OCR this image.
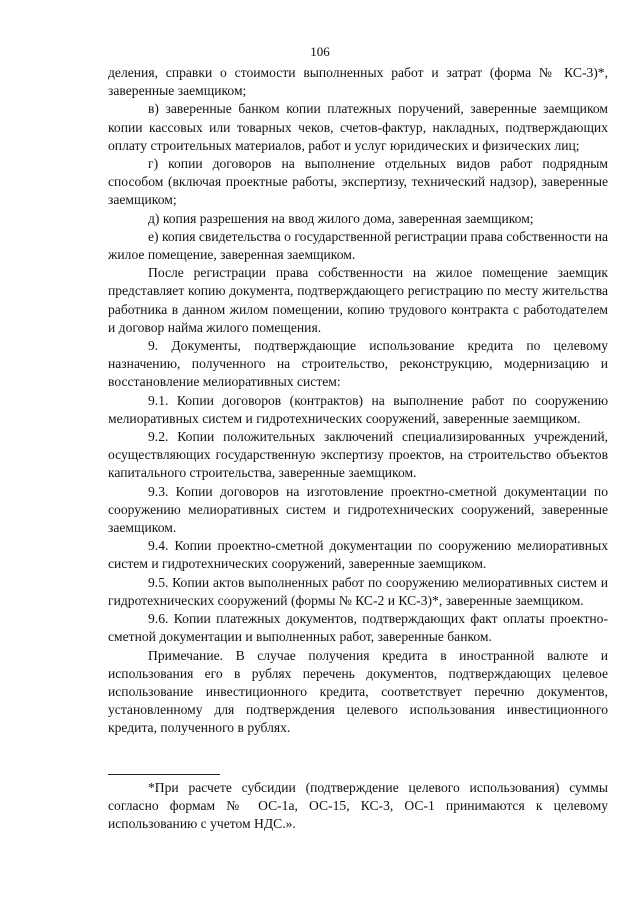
106

деления, справки о стоимости выполненных работ и затрат (форма № КС-3)*, заверенные заемщиком;

в) заверенные банком копии платежных поручений, заверенные заемщиком копии кассовых или товарных чеков, счетов-фактур, накладных, подтверждающих оплату строительных материалов, работ и услуг юридических и физических лиц;

г) копии договоров на выполнение отдельных видов работ подрядным способом (включая проектные работы, экспертизу, технический надзор), заверенные заемщиком;

д) копия разрешения на ввод жилого дома, заверенная заемщиком;

е) копия свидетельства о государственной регистрации права собственности на жилое помещение, заверенная заемщиком.

После регистрации права собственности на жилое помещение заемщик представляет копию документа, подтверждающего регистрацию по месту жительства работника в данном жилом помещении, копию трудового контракта с работодателем и договор найма жилого помещения.

9. Документы, подтверждающие использование кредита по целевому назначению, полученного на строительство, реконструкцию, модернизацию и восстановление мелиоративных систем:

9.1. Копии договоров (контрактов) на выполнение работ по сооружению мелиоративных систем и гидротехнических сооружений, заверенные заемщиком.

9.2. Копии положительных заключений специализированных учреждений, осуществляющих государственную экспертизу проектов, на строительство объектов капитального строительства, заверенные заемщиком.

9.3. Копии договоров на изготовление проектно-сметной документации по сооружению мелиоративных систем и гидротехнических сооружений, заверенные заемщиком.

9.4. Копии проектно-сметной документации по сооружению мелиоративных систем и гидротехнических сооружений, заверенные заемщиком.

9.5. Копии актов выполненных работ по сооружению мелиоративных систем и гидротехнических сооружений (формы № КС-2 и КС-3)*, заверенные заемщиком.

9.6. Копии платежных документов, подтверждающих факт оплаты проектно-сметной документации и выполненных работ, заверенные банком.

Примечание. В случае получения кредита в иностранной валюте и использования его в рублях перечень документов, подтверждающих целевое использование инвестиционного кредита, соответствует перечню документов, установленному для подтверждения целевого использования инвестиционного кредита, полученного в рублях.

*При расчете субсидии (подтверждение целевого использования) суммы согласно формам № ОС-1а, ОС-15, КС-3, ОС-1 принимаются к целевому использованию с учетом НДС.».
